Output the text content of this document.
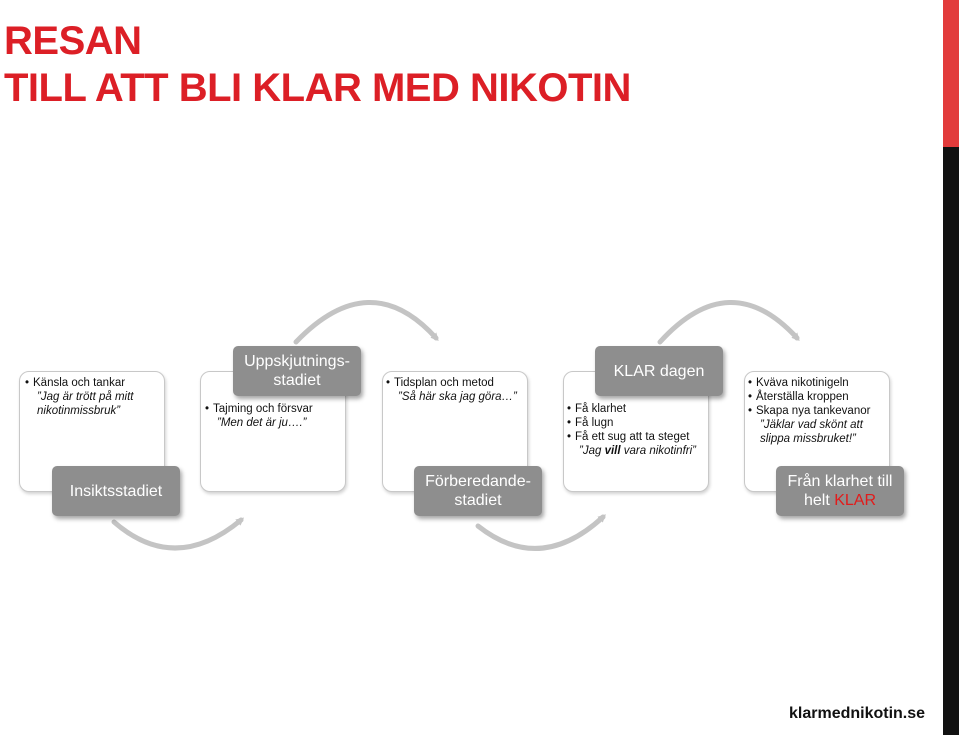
RESAN
TILL ATT BLI KLAR MED NIKOTIN
• Känsla och tankar
”Jag är trött på mitt nikotinmissbruk”
Insiktsstadiet
Uppskjutnings-
stadiet
• Tajming och försvar
”Men det är ju….”
• Tidsplan och metod
”Så här ska jag göra…”
Förberedande-
stadiet
KLAR dagen
• Få klarhet
• Få lugn
• Få ett sug att ta steget
”Jag vill vara nikotinfri”
• Kväva nikotinigeln
• Återställa kroppen
• Skapa nya tankevanor
”Jäklar vad skönt att slippa missbruket!”
Från klarhet till
helt KLAR
klarmednikotin.se
